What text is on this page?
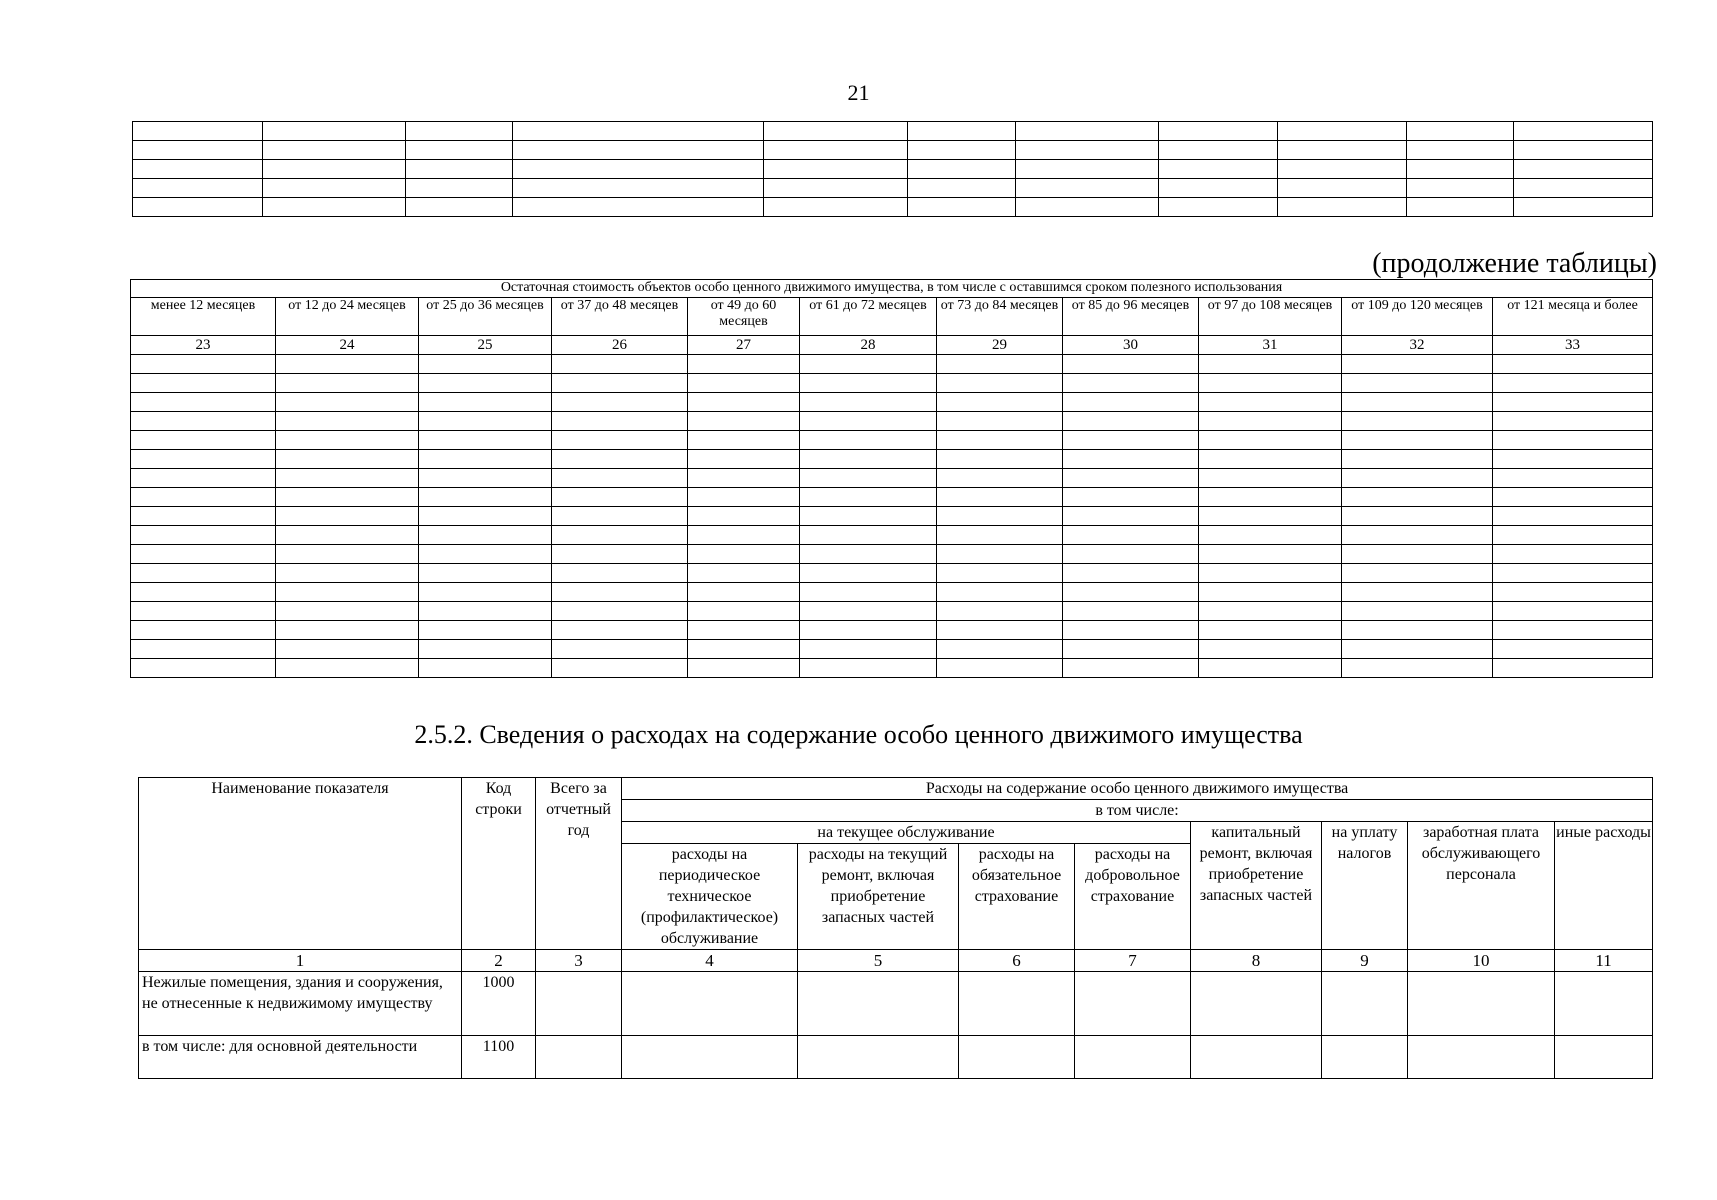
21

(продолжение таблицы)
Остаточная стоимость объектов особо ценного движимого имущества, в том числе с оставшимся сроком полезного использования										
менее 12 месяцев	от 12 до 24 месяцев	от 25 до 36 месяцев	от 37 до 48 месяцев	от 49 до 60 месяцев	от 61 до 72 месяцев	от 73 до 84 месяцев	от 85 до 96 месяцев	от 97 до 108 месяцев	от 109 до 120 месяцев	от 121 месяца и более
23	24	25	26	27	28	29	30	31	32	33

2.5.2. Сведения о расходах на содержание особо ценного движимого имущества
Наименование показателя	Код строки	Всего за отчетный год	Расходы на содержание особо ценного движимого имущества							
			в том числе:							
			на текущее обслуживание				капитальный ремонт, включая приобретение запасных частей	на уплату налогов	заработная плата обслуживающего персонала	иные расходы
			расходы на периодическое техническое (профилактическое) обслуживание	расходы на текущий ремонт, включая приобретение запасных частей	расходы на обязательное страхование	расходы на добровольное страхование				
1	2	3	4	5	6	7	8	9	10	11
Нежилые помещения, здания и сооружения, не отнесенные к недвижимому имуществу	1000									
в том числе: для основной деятельности	1100									
